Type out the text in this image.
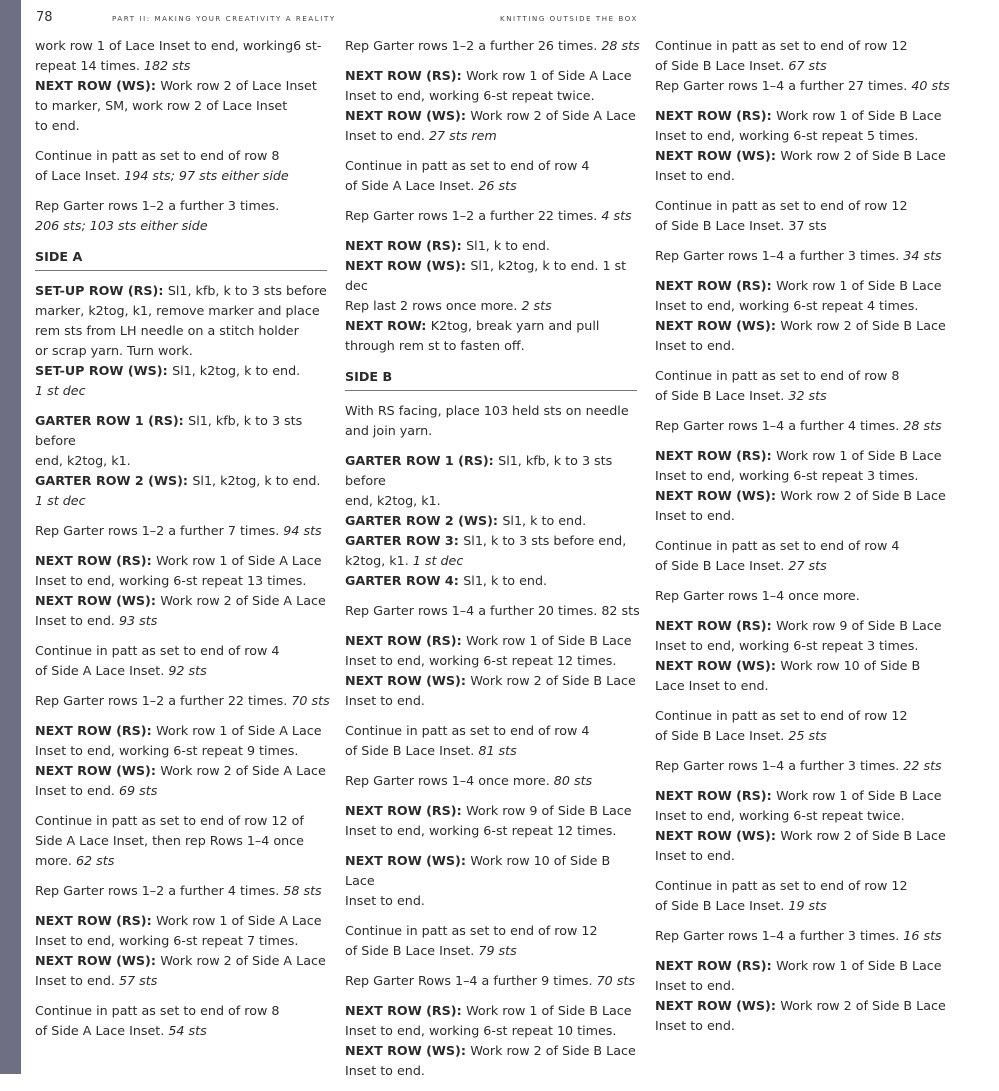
78	PART II: MAKING YOUR CREATIVITY A REALITY	KNITTING OUTSIDE THE BOX

work row 1 of Lace Inset to end, working6 st-repeat 14 times. 182 sts
NEXT ROW (WS): Work row 2 of Lace Inset
to marker, SM, work row 2 of Lace Inset
to end.

Continue in patt as set to end of row 8
of Lace Inset. 194 sts; 97 sts either side

Rep Garter rows 1–2 a further 3 times.
206 sts; 103 sts either side

SIDE A

SET-UP ROW (RS): Sl1, kfb, k to 3 sts before
marker, k2tog, k1, remove marker and place
rem sts from LH needle on a stitch holder
or scrap yarn. Turn work.
SET-UP ROW (WS): Sl1, k2tog, k to end.
1 st dec

GARTER ROW 1 (RS): Sl1, kfb, k to 3 sts before
end, k2tog, k1.
GARTER ROW 2 (WS): Sl1, k2tog, k to end.
1 st dec

Rep Garter rows 1–2 a further 7 times. 94 sts

NEXT ROW (RS): Work row 1 of Side A Lace
Inset to end, working 6-st repeat 13 times.
NEXT ROW (WS): Work row 2 of Side A Lace
Inset to end. 93 sts

Continue in patt as set to end of row 4
of Side A Lace Inset. 92 sts

Rep Garter rows 1–2 a further 22 times. 70 sts

NEXT ROW (RS): Work row 1 of Side A Lace
Inset to end, working 6-st repeat 9 times.
NEXT ROW (WS): Work row 2 of Side A Lace
Inset to end. 69 sts

Continue in patt as set to end of row 12 of
Side A Lace Inset, then rep Rows 1–4 once
more. 62 sts

Rep Garter rows 1–2 a further 4 times. 58 sts

NEXT ROW (RS): Work row 1 of Side A Lace
Inset to end, working 6-st repeat 7 times.
NEXT ROW (WS): Work row 2 of Side A Lace
Inset to end. 57 sts

Continue in patt as set to end of row 8
of Side A Lace Inset. 54 sts

Rep Garter rows 1–2 a further 26 times. 28 sts

NEXT ROW (RS): Work row 1 of Side A Lace
Inset to end, working 6-st repeat twice.
NEXT ROW (WS): Work row 2 of Side A Lace
Inset to end. 27 sts rem

Continue in patt as set to end of row 4
of Side A Lace Inset. 26 sts

Rep Garter rows 1–2 a further 22 times. 4 sts

NEXT ROW (RS): Sl1, k to end.
NEXT ROW (WS): Sl1, k2tog, k to end. 1 st dec
Rep last 2 rows once more. 2 sts
NEXT ROW: K2tog, break yarn and pull
through rem st to fasten off.

SIDE B

With RS facing, place 103 held sts on needle
and join yarn.

GARTER ROW 1 (RS): Sl1, kfb, k to 3 sts before
end, k2tog, k1.
GARTER ROW 2 (WS): Sl1, k to end.
GARTER ROW 3: Sl1, k to 3 sts before end,
k2tog, k1. 1 st dec
GARTER ROW 4: Sl1, k to end.

Rep Garter rows 1–4 a further 20 times. 82 sts

NEXT ROW (RS): Work row 1 of Side B Lace
Inset to end, working 6-st repeat 12 times.
NEXT ROW (WS): Work row 2 of Side B Lace
Inset to end.

Continue in patt as set to end of row 4
of Side B Lace Inset. 81 sts

Rep Garter rows 1–4 once more. 80 sts

NEXT ROW (RS): Work row 9 of Side B Lace
Inset to end, working 6-st repeat 12 times.

NEXT ROW (WS): Work row 10 of Side B Lace
Inset to end.

Continue in patt as set to end of row 12
of Side B Lace Inset. 79 sts

Rep Garter Rows 1–4 a further 9 times. 70 sts

NEXT ROW (RS): Work row 1 of Side B Lace
Inset to end, working 6-st repeat 10 times.
NEXT ROW (WS): Work row 2 of Side B Lace
Inset to end.

Continue in patt as set to end of row 12
of Side B Lace Inset. 67 sts
Rep Garter rows 1–4 a further 27 times. 40 sts

NEXT ROW (RS): Work row 1 of Side B Lace
Inset to end, working 6-st repeat 5 times.
NEXT ROW (WS): Work row 2 of Side B Lace
Inset to end.

Continue in patt as set to end of row 12
of Side B Lace Inset. 37 sts

Rep Garter rows 1–4 a further 3 times. 34 sts

NEXT ROW (RS): Work row 1 of Side B Lace
Inset to end, working 6-st repeat 4 times.
NEXT ROW (WS): Work row 2 of Side B Lace
Inset to end.

Continue in patt as set to end of row 8
of Side B Lace Inset. 32 sts

Rep Garter rows 1–4 a further 4 times. 28 sts

NEXT ROW (RS): Work row 1 of Side B Lace
Inset to end, working 6-st repeat 3 times.
NEXT ROW (WS): Work row 2 of Side B Lace
Inset to end.

Continue in patt as set to end of row 4
of Side B Lace Inset. 27 sts

Rep Garter rows 1–4 once more.

NEXT ROW (RS): Work row 9 of Side B Lace
Inset to end, working 6-st repeat 3 times.
NEXT ROW (WS): Work row 10 of Side B
Lace Inset to end.

Continue in patt as set to end of row 12
of Side B Lace Inset. 25 sts

Rep Garter rows 1–4 a further 3 times. 22 sts

NEXT ROW (RS): Work row 1 of Side B Lace
Inset to end, working 6-st repeat twice.
NEXT ROW (WS): Work row 2 of Side B Lace
Inset to end.

Continue in patt as set to end of row 12
of Side B Lace Inset. 19 sts

Rep Garter rows 1–4 a further 3 times. 16 sts

NEXT ROW (RS): Work row 1 of Side B Lace
Inset to end.
NEXT ROW (WS): Work row 2 of Side B Lace
Inset to end.
